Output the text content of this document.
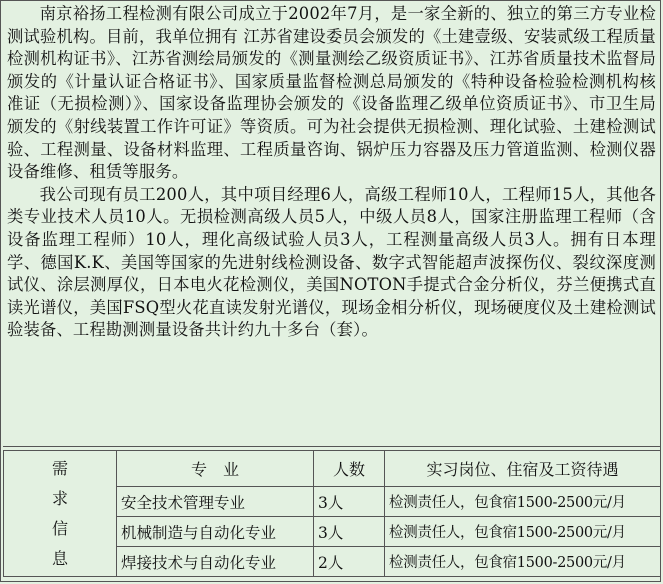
南京裕扬工程检测有限公司成立于2002年7月，是一家全新的、独立的第三方专业检测试验机构。目前，我单位拥有 江苏省建设委员会颁发的《土建壹级、安装贰级工程质量检测机构证书》、江苏省测绘局颁发的《测量测绘乙级资质证书》、江苏省质量技术监督局颁发的《计量认证合格证书》、国家质量监督检测总局颁发的《特种设备检验检测机构核准证（无损检测）》、国家设备监理协会颁发的《设备监理乙级单位资质证书》、市卫生局颁发的《射线装置工作许可证》等资质。可为社会提供无损检测、理化试验、土建检测试验、工程测量、设备材料监理、工程质量咨询、锅炉压力容器及压力管道监测、检测仪器设备维修、租赁等服务。

我公司现有员工200人，其中项目经理6人，高级工程师10人，工程师15人，其他各类专业技术人员10人。无损检测高级人员5人，中级人员8人，国家注册监理工程师（含设备监理工程师）10人，理化高级试验人员3人，工程测量高级人员3人。拥有日本理学、德国K.K、美国等国家的先进射线检测设备、数字式智能超声波探伤仪、裂纹深度测试仪、涂层测厚仪，日本电火花检测仪，美国NOTON手提式合金分析仪，芬兰便携式直读光谱仪，美国FSQ型火花直读发射光谱仪，现场金相分析仪，现场硬度仪及土建检测试验装备、工程勘测测量设备共计约九十多台（套）。

需求信息	专　业	人数	实习岗位、住宿及工资待遇
	安全技术管理专业	3人	检测责任人，包食宿1500-2500元/月
	机械制造与自动化专业	3人	检测责任人，包食宿1500-2500元/月
	焊接技术与自动化专业	2人	检测责任人，包食宿1500-2500元/月
